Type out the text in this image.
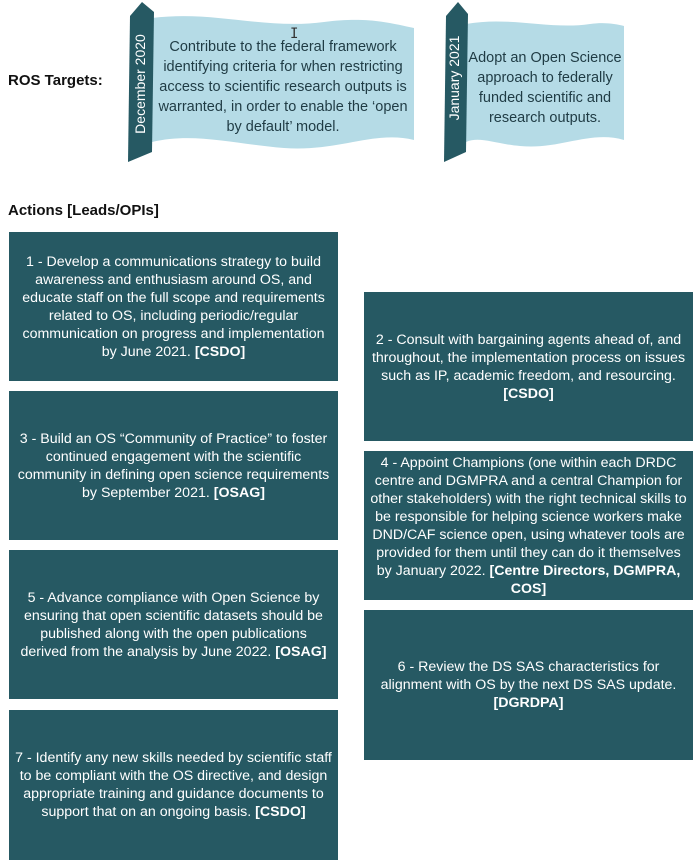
ROS Targets: December 2020	Contribute to the federal framework identifying criteria for when restricting access to scientific research outputs is warranted, in order to enable the ‘open by default’ model.
I
January 2021 Adopt an Open Science approach to federally funded scientific and research outputs.
Actions [Leads/OPIs]
1 - Develop a communications strategy to build awareness and enthusiasm around OS, and educate staff on the full scope and requirements related to OS, including periodic/regular communication on progress and implementation by June 2021. [CSDO]
3 - Build an OS “Community of Practice” to foster continued engagement with the scientific community in defining open science requirements by September 2021. [OSAG]
5 - Advance compliance with Open Science by ensuring that open scientific datasets should be published along with the open publications derived from the analysis by June 2022. [OSAG]
7 - Identify any new skills needed by scientific staff to be compliant with the OS directive, and design appropriate training and guidance documents to support that on an ongoing basis. [CSDO]
2 - Consult with bargaining agents ahead of, and throughout, the implementation process on issues such as IP, academic freedom, and resourcing. [CSDO]
4 - Appoint Champions (one within each DRDC centre and DGMPRA and a central Champion for other stakeholders) with the right technical skills to be responsible for helping science workers make DND/CAF science open, using whatever tools are provided for them until they can do it themselves by January 2022. [Centre Directors, DGMPRA, COS]
6 - Review the DS SAS characteristics for alignment with OS by the next DS SAS update. [DGRDPA]
